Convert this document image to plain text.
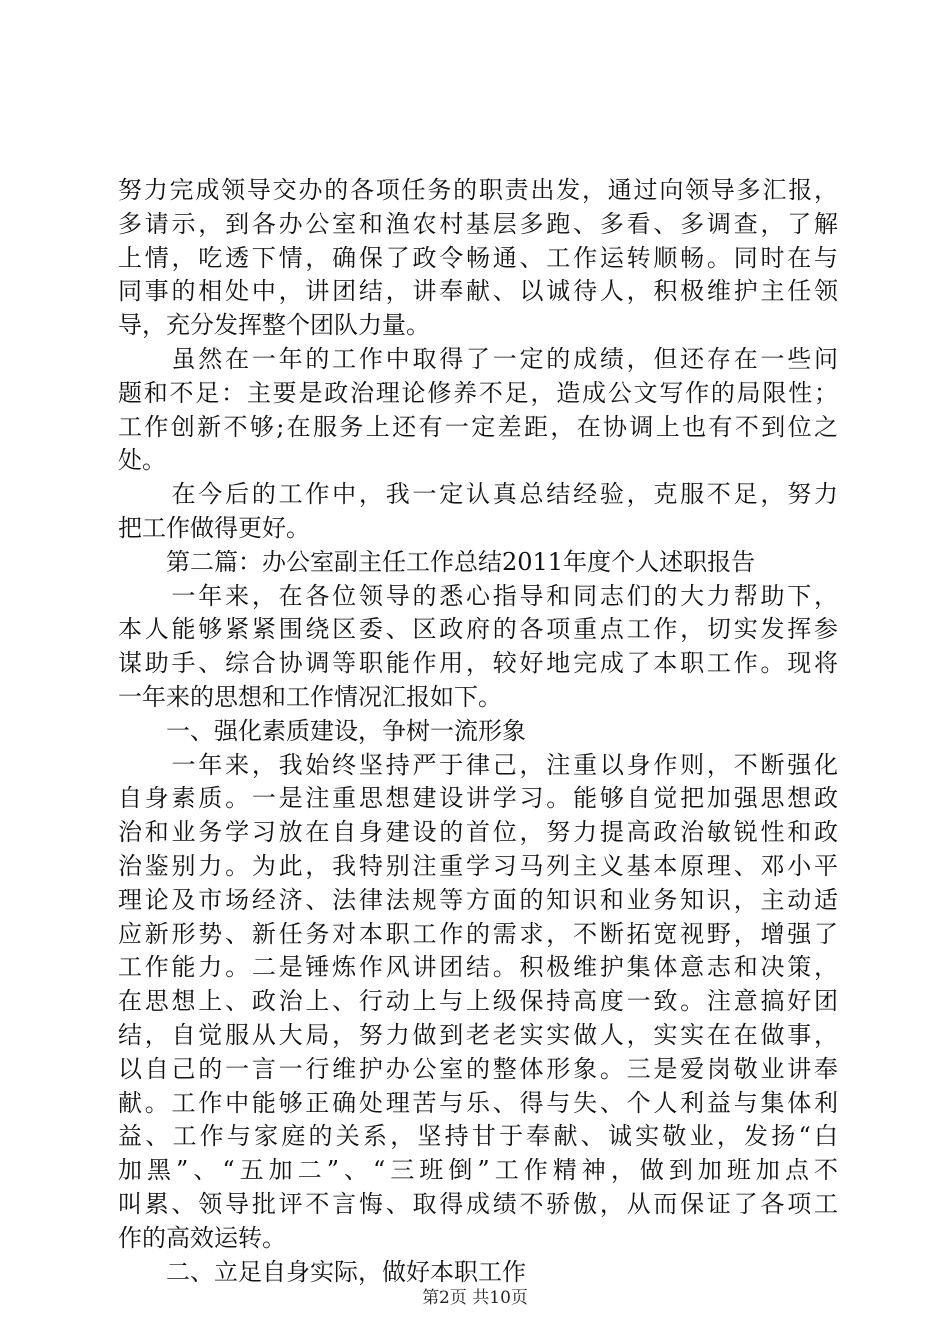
努力完成领导交办的各项任务的职责出发，通过向领导多汇报，
多请示，到各办公室和渔农村基层多跑、多看、多调查，了解
上情，吃透下情，确保了政令畅通、工作运转顺畅。同时在与
同事的相处中，讲团结，讲奉献、以诚待人，积极维护主任领
导，充分发挥整个团队力量。
　　虽然在一年的工作中取得了一定的成绩，但还存在一些问
题和不足：主要是政治理论修养不足，造成公文写作的局限性；
工作创新不够;在服务上还有一定差距，在协调上也有不到位之
处。
　　在今后的工作中，我一定认真总结经验，克服不足，努力
把工作做得更好。
　　第二篇：办公室副主任工作总结2011年度个人述职报告
　　一年来，在各位领导的悉心指导和同志们的大力帮助下，
本人能够紧紧围绕区委、区政府的各项重点工作，切实发挥参
谋助手、综合协调等职能作用，较好地完成了本职工作。现将
一年来的思想和工作情况汇报如下。
　　一、强化素质建设，争树一流形象
　　一年来，我始终坚持严于律己，注重以身作则，不断强化
自身素质。一是注重思想建设讲学习。能够自觉把加强思想政
治和业务学习放在自身建设的首位，努力提高政治敏锐性和政
治鉴别力。为此，我特别注重学习马列主义基本原理、邓小平
理论及市场经济、法律法规等方面的知识和业务知识，主动适
应新形势、新任务对本职工作的需求，不断拓宽视野，增强了
工作能力。二是锤炼作风讲团结。积极维护集体意志和决策，
在思想上、政治上、行动上与上级保持高度一致。注意搞好团
结，自觉服从大局，努力做到老老实实做人，实实在在做事，
以自己的一言一行维护办公室的整体形象。三是爱岗敬业讲奉
献。工作中能够正确处理苦与乐、得与失、个人利益与集体利
益、工作与家庭的关系，坚持甘于奉献、诚实敬业，发扬“白
加黑”、“五加二”、“三班倒”工作精神，做到加班加点不
叫累、领导批评不言悔、取得成绩不骄傲，从而保证了各项工
作的高效运转。
　　二、立足自身实际，做好本职工作
第2页 共10页
